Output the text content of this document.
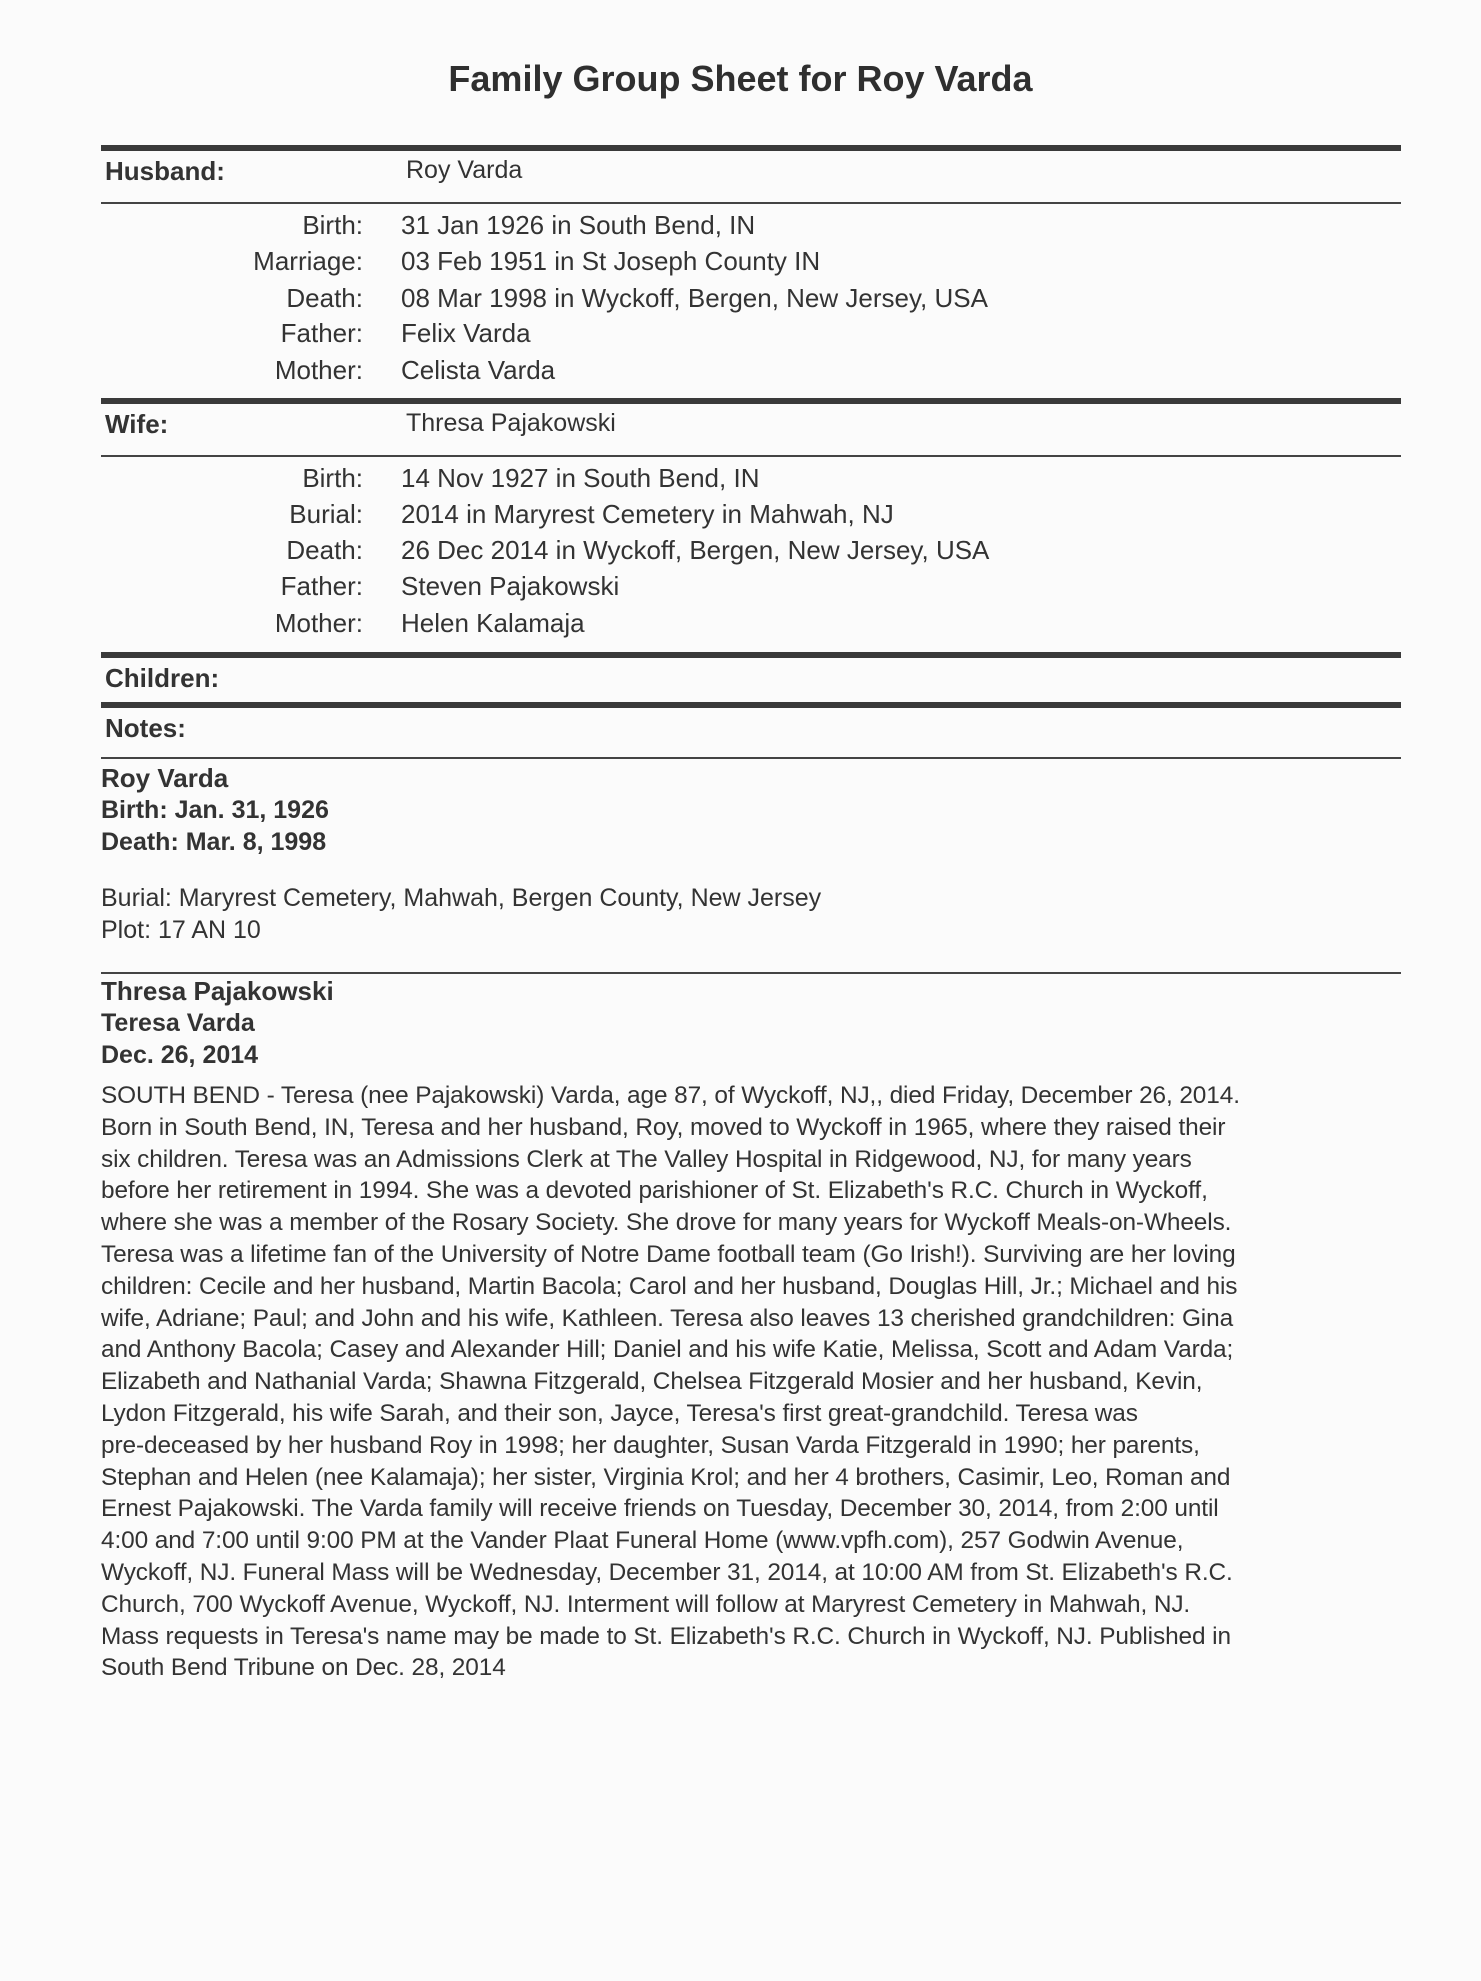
Family Group Sheet for Roy Varda
Husband:	Roy Varda
Birth: 31 Jan 1926 in South Bend, IN
Marriage: 03 Feb 1951 in St Joseph County IN
Death: 08 Mar 1998 in Wyckoff, Bergen, New Jersey, USA
Father: Felix Varda
Mother: Celista Varda
Wife:	Thresa Pajakowski
Birth: 14 Nov 1927 in South Bend, IN
Burial: 2014 in Maryrest Cemetery in Mahwah, NJ
Death: 26 Dec 2014 in Wyckoff, Bergen, New Jersey, USA
Father: Steven Pajakowski
Mother: Helen Kalamaja
Children:
Notes:
Roy Varda
Birth: Jan. 31, 1926
Death: Mar. 8, 1998
Burial: Maryrest Cemetery, Mahwah, Bergen County, New Jersey
Plot: 17 AN 10
Thresa Pajakowski
Teresa Varda
Dec. 26, 2014
SOUTH BEND - Teresa (nee Pajakowski) Varda, age 87, of Wyckoff, NJ,, died Friday, December 26, 2014.
Born in South Bend, IN, Teresa and her husband, Roy, moved to Wyckoff in 1965, where they raised their
six children. Teresa was an Admissions Clerk at The Valley Hospital in Ridgewood, NJ, for many years
before her retirement in 1994. She was a devoted parishioner of St. Elizabeth's R.C. Church in Wyckoff,
where she was a member of the Rosary Society. She drove for many years for Wyckoff Meals-on-Wheels.
Teresa was a lifetime fan of the University of Notre Dame football team (Go Irish!). Surviving are her loving
children: Cecile and her husband, Martin Bacola; Carol and her husband, Douglas Hill, Jr.; Michael and his
wife, Adriane; Paul; and John and his wife, Kathleen. Teresa also leaves 13 cherished grandchildren: Gina
and Anthony Bacola; Casey and Alexander Hill; Daniel and his wife Katie, Melissa, Scott and Adam Varda;
Elizabeth and Nathanial Varda; Shawna Fitzgerald, Chelsea Fitzgerald Mosier and her husband, Kevin,
Lydon Fitzgerald, his wife Sarah, and their son, Jayce, Teresa's first great-grandchild. Teresa was
pre-deceased by her husband Roy in 1998; her daughter, Susan Varda Fitzgerald in 1990; her parents,
Stephan and Helen (nee Kalamaja); her sister, Virginia Krol; and her 4 brothers, Casimir, Leo, Roman and
Ernest Pajakowski. The Varda family will receive friends on Tuesday, December 30, 2014, from 2:00 until
4:00 and 7:00 until 9:00 PM at the Vander Plaat Funeral Home (www.vpfh.com), 257 Godwin Avenue,
Wyckoff, NJ. Funeral Mass will be Wednesday, December 31, 2014, at 10:00 AM from St. Elizabeth's R.C.
Church, 700 Wyckoff Avenue, Wyckoff, NJ. Interment will follow at Maryrest Cemetery in Mahwah, NJ.
Mass requests in Teresa's name may be made to St. Elizabeth's R.C. Church in Wyckoff, NJ. Published in
South Bend Tribune on Dec. 28, 2014
